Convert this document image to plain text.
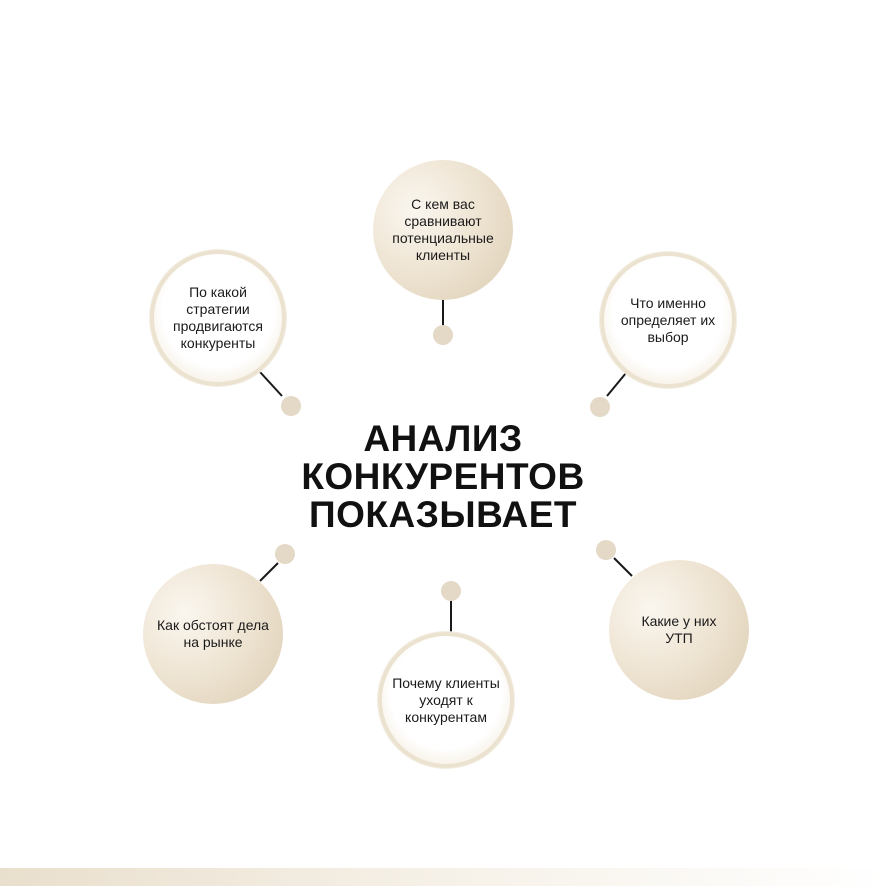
АНАЛИЗ
КОНКУРЕНТОВ
ПОКАЗЫВАЕТ
С кем вас сравнивают потенциальные клиенты
Что именно определяет их выбор
Какие у них УТП
Почему клиенты уходят к конкурентам
Как обстоят дела на рынке
По какой стратегии продвигаются конкуренты
